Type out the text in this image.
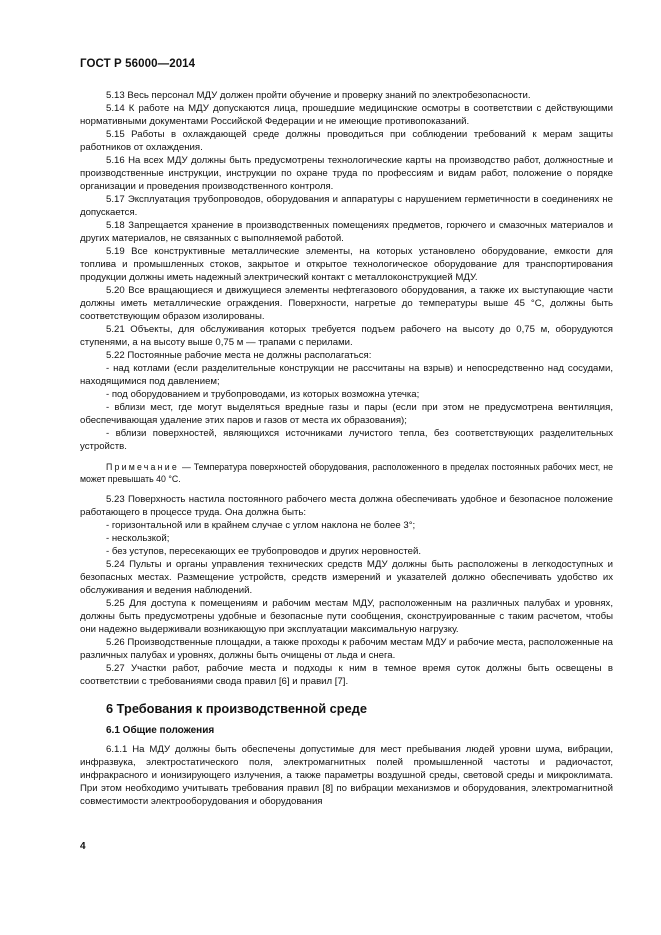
ГОСТ Р 56000—2014

5.13 Весь персонал МДУ должен пройти обучение и проверку знаний по электробезопасности.

5.14 К работе на МДУ допускаются лица, прошедшие медицинские осмотры в соответствии с действующими нормативными документами Российской Федерации и не имеющие противопоказаний.

5.15 Работы в охлаждающей среде должны проводиться при соблюдении требований к мерам защиты работников от охлаждения.

5.16 На всех МДУ должны быть предусмотрены технологические карты на производство работ, должностные и производственные инструкции, инструкции по охране труда по профессиям и видам работ, положение о порядке организации и проведения производственного контроля.

5.17 Эксплуатация трубопроводов, оборудования и аппаратуры с нарушением герметичности в соединениях не допускается.

5.18 Запрещается хранение в производственных помещениях предметов, горючего и смазочных материалов и других материалов, не связанных с выполняемой работой.

5.19 Все конструктивные металлические элементы, на которых установлено оборудование, емкости для топлива и промышленных стоков, закрытое и открытое технологическое оборудование для транспортирования продукции должны иметь надежный электрический контакт с металлоконструкцией МДУ.

5.20 Все вращающиеся и движущиеся элементы нефтегазового оборудования, а также их выступающие части должны иметь металлические ограждения. Поверхности, нагретые до температуры выше 45 °С, должны быть соответствующим образом изолированы.

5.21 Объекты, для обслуживания которых требуется подъем рабочего на высоту до 0,75 м, оборудуются ступенями, а на высоту выше 0,75 м — трапами с перилами.

5.22 Постоянные рабочие места не должны располагаться:

- над котлами (если разделительные конструкции не рассчитаны на взрыв) и непосредственно над сосудами, находящимися под давлением;

- под оборудованием и трубопроводами, из которых возможна утечка;

- вблизи мест, где могут выделяться вредные газы и пары (если при этом не предусмотрена вентиляция, обеспечивающая удаление этих паров и газов от места их образования);

- вблизи поверхностей, являющихся источниками лучистого тепла, без соответствующих разделительных устройств.

Примечание — Температура поверхностей оборудования, расположенного в пределах постоянных рабочих мест, не может превышать 40 °С.

5.23 Поверхность настила постоянного рабочего места должна обеспечивать удобное и безопасное положение работающего в процессе труда. Она должна быть:

- горизонтальной или в крайнем случае с углом наклона не более 3°;

- нескользкой;

- без уступов, пересекающих ее трубопроводов и других неровностей.

5.24 Пульты и органы управления технических средств МДУ должны быть расположены в легкодоступных и безопасных местах. Размещение устройств, средств измерений и указателей должно обеспечивать удобство их обслуживания и ведения наблюдений.

5.25 Для доступа к помещениям и рабочим местам МДУ, расположенным на различных палубах и уровнях, должны быть предусмотрены удобные и безопасные пути сообщения, сконструированные с таким расчетом, чтобы они надежно выдерживали возникающую при эксплуатации максимальную нагрузку.

5.26 Производственные площадки, а также проходы к рабочим местам МДУ и рабочие места, расположенные на различных палубах и уровнях, должны быть очищены от льда и снега.

5.27 Участки работ, рабочие места и подходы к ним в темное время суток должны быть освещены в соответствии с требованиями свода правил [6] и правил [7].

6 Требования к производственной среде
6.1 Общие положения

6.1.1 На МДУ должны быть обеспечены допустимые для мест пребывания людей уровни шума, вибрации, инфразвука, электростатического поля, электромагнитных полей промышленной частоты и радиочастот, инфракрасного и ионизирующего излучения, а также параметры воздушной среды, световой среды и микроклимата. При этом необходимо учитывать требования правил [8] по вибрации механизмов и оборудования, электромагнитной совместимости электрооборудования и оборудования

4
